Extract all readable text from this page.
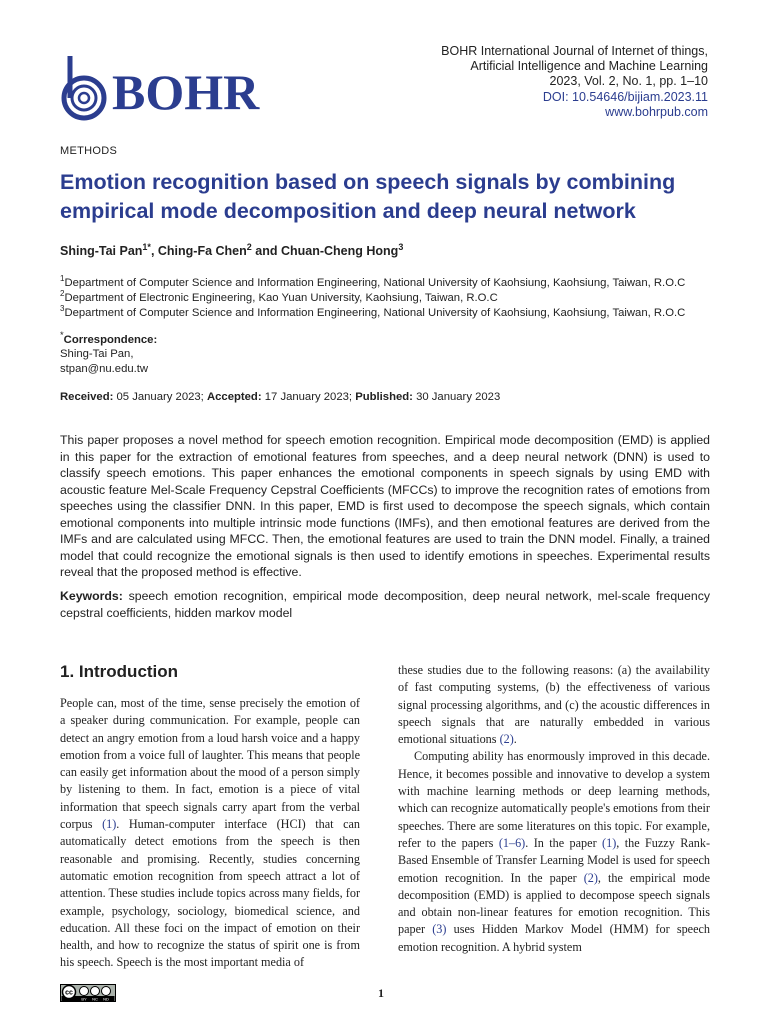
BOHR
BOHR International Journal of Internet of things,
Artificial Intelligence and Machine Learning
2023, Vol. 2, No. 1, pp. 1–10
DOI: 10.54646/bijiam.2023.11
www.bohrpub.com
METHODS
Emotion recognition based on speech signals by combining empirical mode decomposition and deep neural network
Shing-Tai Pan$^{1*}$, Ching-Fa Chen$^2$ and Chuan-Cheng Hong$^3$
$^1$Department of Computer Science and Information Engineering, National University of Kaohsiung, Kaohsiung, Taiwan, R.O.C
$^2$Department of Electronic Engineering, Kao Yuan University, Kaohsiung, Taiwan, R.O.C
$^3$Department of Computer Science and Information Engineering, National University of Kaohsiung, Kaohsiung, Taiwan, R.O.C
*Correspondence:
Shing-Tai Pan,
stpan@nu.edu.tw
Received: 05 January 2023; Accepted: 17 January 2023; Published: 30 January 2023
This paper proposes a novel method for speech emotion recognition. Empirical mode decomposition (EMD) is applied in this paper for the extraction of emotional features from speeches, and a deep neural network (DNN) is used to classify speech emotions. This paper enhances the emotional components in speech signals by using EMD with acoustic feature Mel-Scale Frequency Cepstral Coefficients (MFCCs) to improve the recognition rates of emotions from speeches using the classifier DNN. In this paper, EMD is first used to decompose the speech signals, which contain emotional components into multiple intrinsic mode functions (IMFs), and then emotional features are derived from the IMFs and are calculated using MFCC. Then, the emotional features are used to train the DNN model. Finally, a trained model that could recognize the emotional signals is then used to identify emotions in speeches. Experimental results reveal that the proposed method is effective.
Keywords: speech emotion recognition, empirical mode decomposition, deep neural network, mel-scale frequency cepstral coefficients, hidden markov model
1. Introduction

People can, most of the time, sense precisely the emotion of a speaker during communication. For example, people can detect an angry emotion from a loud harsh voice and a happy emotion from a voice full of laughter. This means that people can easily get information about the mood of a person simply by listening to them. In fact, emotion is a piece of vital information that speech signals carry apart from the verbal corpus (1). Human-computer interface (HCI) that can automatically detect emotions from the speech is then reasonable and promising. Recently, studies concerning automatic emotion recognition from speech attract a lot of attention. These studies include topics across many fields, for example, psychology, sociology, biomedical science, and education. All these foci on the impact of emotion on their health, and how to recognize the status of spirit one is from his speech. Speech is the most important media of

these studies due to the following reasons: (a) the availability of fast computing systems, (b) the effectiveness of various signal processing algorithms, and (c) the acoustic differences in speech signals that are naturally embedded in various emotional situations (2).

Computing ability has enormously improved in this decade. Hence, it becomes possible and innovative to develop a system with machine learning methods or deep learning methods, which can recognize automatically people's emotions from their speeches. There are some literatures on this topic. For example, refer to the papers (1–6). In the paper (1), the Fuzzy Rank-Based Ensemble of Transfer Learning Model is used for speech emotion recognition. In the paper (2), the empirical mode decomposition (EMD) is applied to decompose speech signals and obtain non-linear features for emotion recognition. This paper (3) uses Hidden Markov Model (HMM) for speech emotion recognition. A hybrid system

cc
BY NC ND	1
